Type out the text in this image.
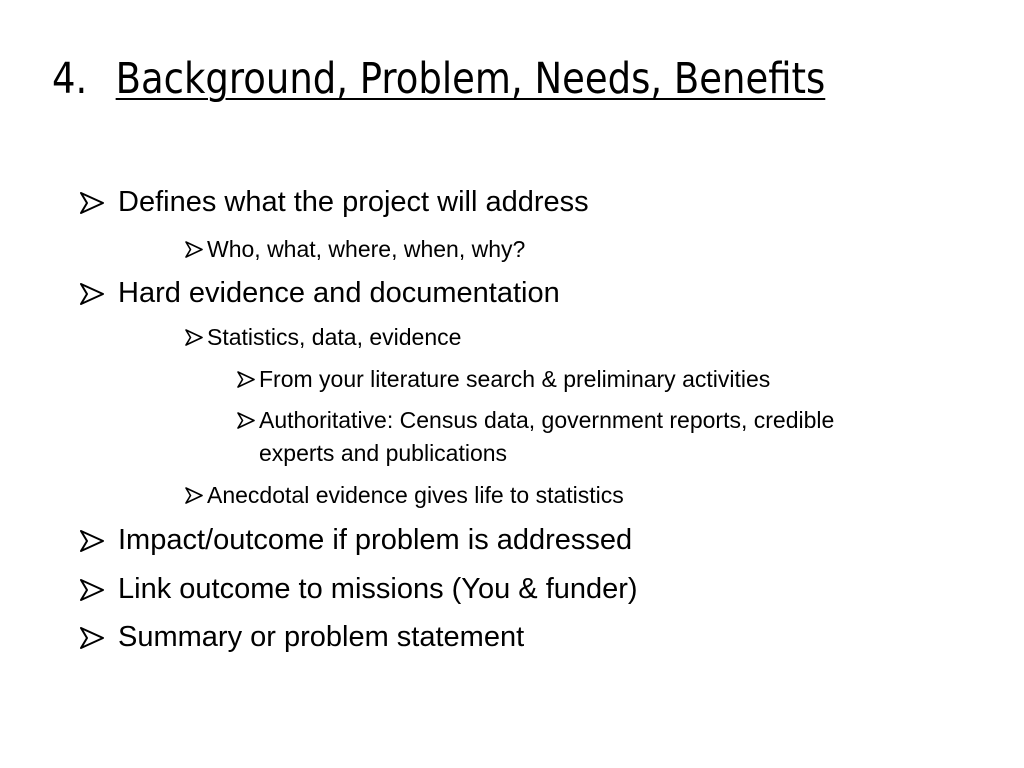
4. Background, Problem, Needs, Benefits
Defines what the project will address
Who, what, where, when, why?
Hard evidence and documentation
Statistics, data, evidence
From your literature search & preliminary activities
Authoritative: Census data, government reports, credible experts and publications
Anecdotal evidence gives life to statistics
Impact/outcome if problem is addressed
Link outcome to missions (You & funder)
Summary or problem statement
